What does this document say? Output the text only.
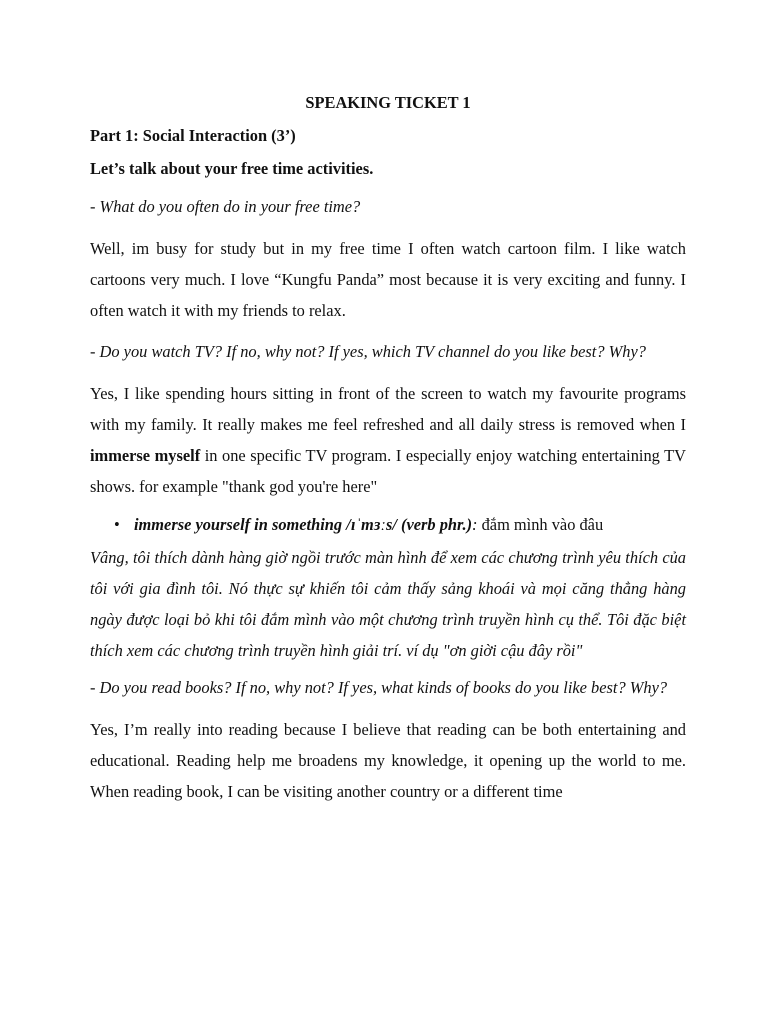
SPEAKING TICKET 1

Part 1: Social Interaction (3’)

Let’s talk about your free time activities.

- What do you often do in your free time?

Well, im busy for study but in my free time I often watch cartoon film. I like watch cartoons very much. I love “Kungfu Panda” most because it is very exciting and funny. I often watch it with my friends to relax.

- Do you watch TV? If no, why not? If yes, which TV channel do you like best? Why?

Yes, I like spending hours sitting in front of the screen to watch my favourite programs with my family. It really makes me feel refreshed and all daily stress is removed when I immerse myself in one specific TV program. I especially enjoy watching entertaining TV shows. for example "thank god you're here"

• immerse yourself in something /ɪˈmɜːs/ (verb phr.): đắm mình vào đâu

Vâng, tôi thích dành hàng giờ ngồi trước màn hình để xem các chương trình yêu thích của tôi với gia đình tôi. Nó thực sự khiến tôi cảm thấy sảng khoái và mọi căng thẳng hàng ngày được loại bỏ khi tôi đắm mình vào một chương trình truyền hình cụ thể. Tôi đặc biệt thích xem các chương trình truyền hình giải trí. ví dụ "ơn giời cậu đây rồi"

- Do you read books? If no, why not? If yes, what kinds of books do you like best? Why?

Yes, I’m really into reading because I believe that reading can be both entertaining and educational. Reading help me broadens my knowledge, it opening up the world to me. When reading book, I can be visiting another country or a different time
